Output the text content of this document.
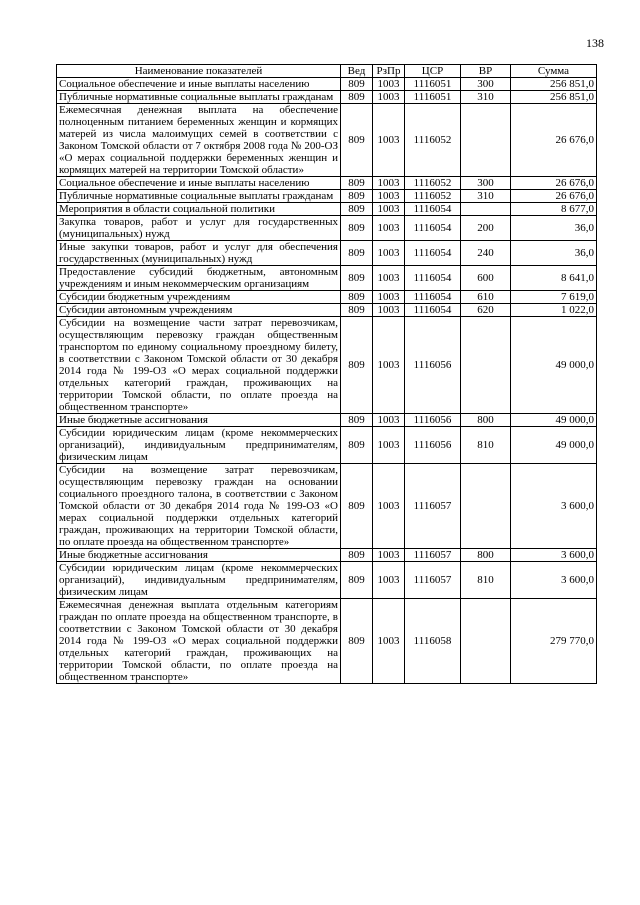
138
Наименование показателей	Вед	РзПр	ЦСР	ВР	Сумма
Социальное обеспечение и иные выплаты населению	809	1003	1116051	300	256 851,0
Публичные нормативные социальные выплаты гражданам	809	1003	1116051	310	256 851,0
Ежемесячная денежная выплата на обеспечение полноценным питанием беременных женщин и кормящих матерей из числа малоимущих семей в соответствии с Законом Томской области от 7 октября 2008 года № 200-ОЗ «О мерах социальной поддержки беременных женщин и кормящих матерей на территории Томской области»	809	1003	1116052		26 676,0
Социальное обеспечение и иные выплаты населению	809	1003	1116052	300	26 676,0
Публичные нормативные социальные выплаты гражданам	809	1003	1116052	310	26 676,0
Мероприятия в области социальной политики	809	1003	1116054		8 677,0
Закупка товаров, работ и услуг для государственных (муниципальных) нужд	809	1003	1116054	200	36,0
Иные закупки товаров, работ и услуг для обеспечения государственных (муниципальных) нужд	809	1003	1116054	240	36,0
Предоставление субсидий бюджетным, автономным учреждениям и иным некоммерческим организациям	809	1003	1116054	600	8 641,0
Субсидии бюджетным учреждениям	809	1003	1116054	610	7 619,0
Субсидии автономным учреждениям	809	1003	1116054	620	1 022,0
Субсидии на возмещение части затрат перевозчикам, осуществляющим перевозку граждан общественным транспортом по единому социальному проездному билету, в соответствии с Законом Томской области от 30 декабря 2014 года № 199-ОЗ «О мерах социальной поддержки отдельных категорий граждан, проживающих на территории Томской области, по оплате проезда на общественном транспорте»	809	1003	1116056		49 000,0
Иные бюджетные ассигнования	809	1003	1116056	800	49 000,0
Субсидии юридическим лицам (кроме некоммерческих организаций), индивидуальным предпринимателям, физическим лицам	809	1003	1116056	810	49 000,0
Субсидии на возмещение затрат перевозчикам, осуществляющим перевозку граждан на основании социального проездного талона, в соответствии с Законом Томской области от 30 декабря 2014 года № 199-ОЗ «О мерах социальной поддержки отдельных категорий граждан, проживающих на территории Томской области, по оплате проезда на общественном транспорте»	809	1003	1116057		3 600,0
Иные бюджетные ассигнования	809	1003	1116057	800	3 600,0
Субсидии юридическим лицам (кроме некоммерческих организаций), индивидуальным предпринимателям, физическим лицам	809	1003	1116057	810	3 600,0
Ежемесячная денежная выплата отдельным категориям граждан по оплате проезда на общественном транспорте, в соответствии с Законом Томской области от 30 декабря 2014 года № 199-ОЗ «О мерах социальной поддержки отдельных категорий граждан, проживающих на территории Томской области, по оплате проезда на общественном транспорте»	809	1003	1116058		279 770,0
